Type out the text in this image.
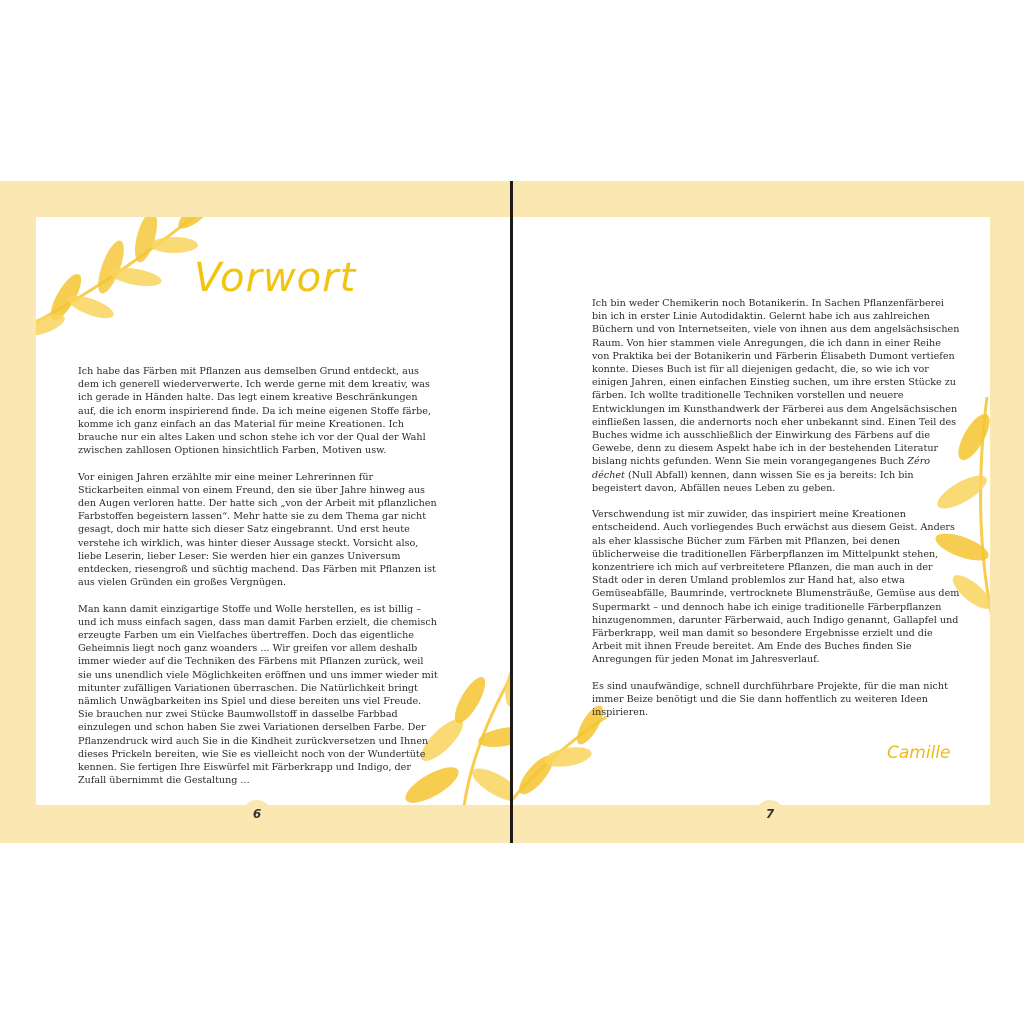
Vorwort

Ich habe das Färben mit Pflanzen aus demselben Grund entdeckt, aus dem ich generell wiederverwerte. Ich werde gerne mit dem kreativ, was ich gerade in Händen halte. Das legt einem kreative Beschränkungen auf, die ich enorm inspirierend finde. Da ich meine eigenen Stoffe färbe, komme ich ganz einfach an das Material für meine Kreationen. Ich brauche nur ein altes Laken und schon stehe ich vor der Qual der Wahl zwischen zahllosen Optionen hinsichtlich Farben, Motiven usw.

Vor einigen Jahren erzählte mir eine meiner Lehrerinnen für Stickarbeiten einmal von einem Freund, den sie über Jahre hinweg aus den Augen verloren hatte. Der hatte sich „von der Arbeit mit pflanzlichen Farbstoffen begeistern lassen“. Mehr hatte sie zu dem Thema gar nicht gesagt, doch mir hatte sich dieser Satz eingebrannt. Und erst heute verstehe ich wirklich, was hinter dieser Aussage steckt. Vorsicht also, liebe Leserin, lieber Leser: Sie werden hier ein ganzes Universum entdecken, riesengroß und süchtig machend. Das Färben mit Pflanzen ist aus vielen Gründen ein großes Vergnügen.

Man kann damit einzigartige Stoffe und Wolle herstellen, es ist billig – und ich muss einfach sagen, dass man damit Farben erzielt, die chemisch erzeugte Farben um ein Vielfaches übertreffen. Doch das eigentliche Geheimnis liegt noch ganz woanders ... Wir greifen vor allem deshalb immer wieder auf die Techniken des Färbens mit Pflanzen zurück, weil sie uns unendlich viele Möglichkeiten eröffnen und uns immer wieder mit mitunter zufälligen Variationen überraschen. Die Natürlichkeit bringt nämlich Unwägbarkeiten ins Spiel und diese bereiten uns viel Freude. Sie brauchen nur zwei Stücke Baumwollstoff in dasselbe Farbbad einzulegen und schon haben Sie zwei Variationen derselben Farbe. Der Pflanzendruck wird auch Sie in die Kindheit zurückversetzen und Ihnen dieses Prickeln bereiten, wie Sie es vielleicht noch von der Wundertüte kennen. Sie fertigen Ihre Eiswürfel mit Färberkrapp und Indigo, der Zufall übernimmt die Gestaltung ...

Ich bin weder Chemikerin noch Botanikerin. In Sachen Pflanzenfärberei bin ich in erster Linie Autodidaktin. Gelernt habe ich aus zahlreichen Büchern und von Internetseiten, viele von ihnen aus dem angelsächsischen Raum. Von hier stammen viele Anregungen, die ich dann in einer Reihe von Praktika bei der Botanikerin und Färberin Élisabeth Dumont vertiefen konnte. Dieses Buch ist für all diejenigen gedacht, die, so wie ich vor einigen Jahren, einen einfachen Einstieg suchen, um ihre ersten Stücke zu färben. Ich wollte traditionelle Techniken vorstellen und neuere Entwicklungen im Kunsthandwerk der Färberei aus dem Angelsächsischen einfließen lassen, die andernorts noch eher unbekannt sind. Einen Teil des Buches widme ich ausschließlich der Einwirkung des Färbens auf die Gewebe, denn zu diesem Aspekt habe ich in der bestehenden Literatur bislang nichts gefunden. Wenn Sie mein vorangegangenes Buch Zéro déchet (Null Abfall) kennen, dann wissen Sie es ja bereits: Ich bin begeistert davon, Abfällen neues Leben zu geben.

Verschwendung ist mir zuwider, das inspiriert meine Kreationen entscheidend. Auch vorliegendes Buch erwächst aus diesem Geist. Anders als eher klassische Bücher zum Färben mit Pflanzen, bei denen üblicherweise die traditionellen Färberpflanzen im Mittelpunkt stehen, konzentriere ich mich auf verbreitetere Pflanzen, die man auch in der Stadt oder in deren Umland problemlos zur Hand hat, also etwa Gemüseabfälle, Baumrinde, vertrocknete Blumensträuße, Gemüse aus dem Supermarkt – und dennoch habe ich einige traditionelle Färberpflanzen hinzugenommen, darunter Färberwaid, auch Indigo genannt, Gallapfel und Färberkrapp, weil man damit so besondere Ergebnisse erzielt und die Arbeit mit ihnen Freude bereitet. Am Ende des Buches finden Sie Anregungen für jeden Monat im Jahresverlauf.

Es sind unaufwändige, schnell durchführbare Projekte, für die man nicht immer Beize benötigt und die Sie dann hoffentlich zu weiteren Ideen inspirieren.

Camille
6	7
